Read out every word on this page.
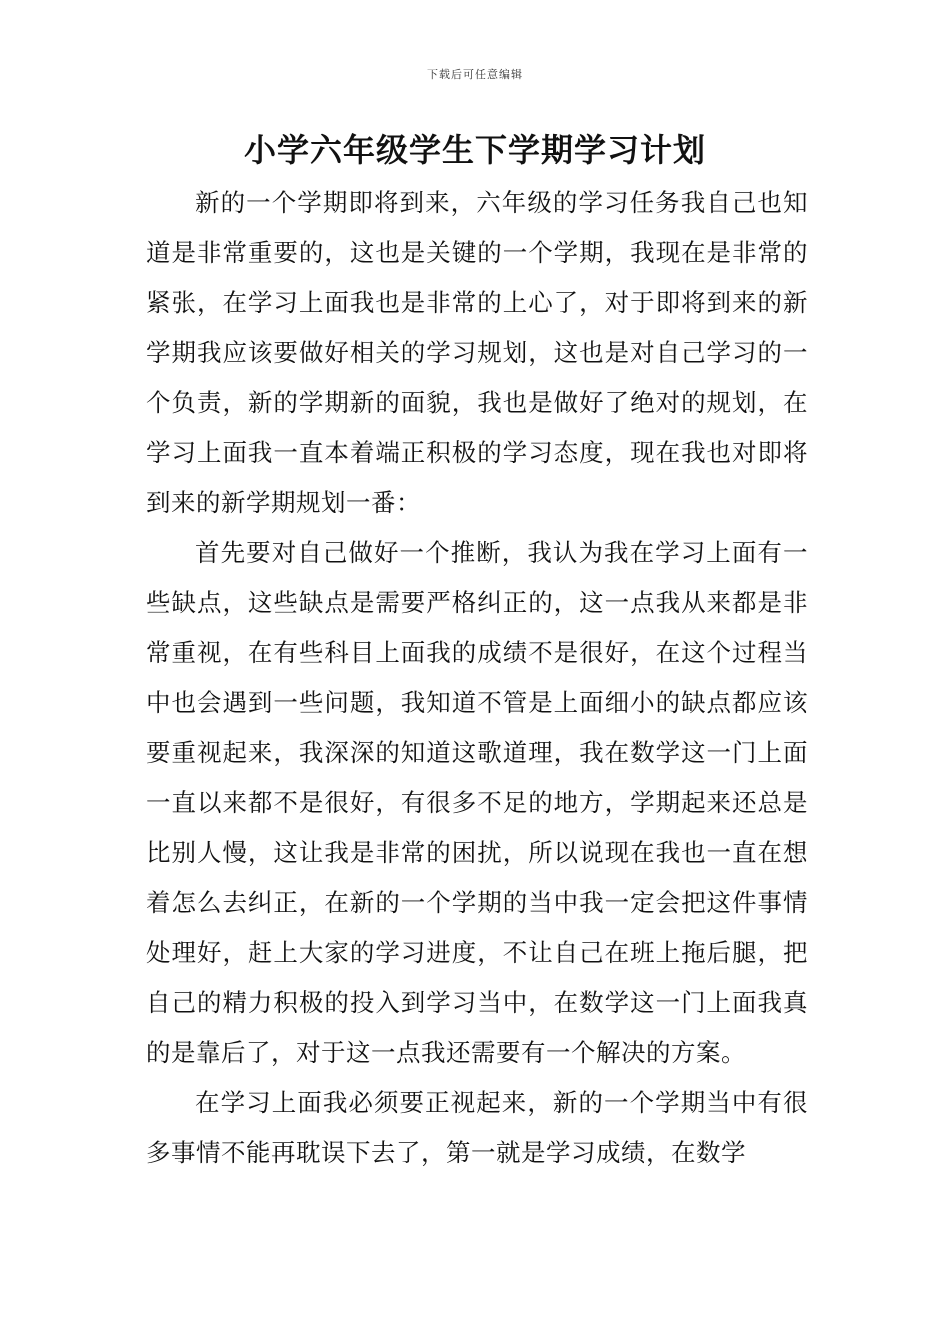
下载后可任意编辑
小学六年级学生下学期学习计划

新的一个学期即将到来，六年级的学习任务我自己也知道是非常重要的，这也是关键的一个学期，我现在是非常的紧张，在学习上面我也是非常的上心了，对于即将到来的新学期我应该要做好相关的学习规划，这也是对自己学习的一个负责，新的学期新的面貌，我也是做好了绝对的规划，在学习上面我一直本着端正积极的学习态度，现在我也对即将到来的新学期规划一番：

首先要对自己做好一个推断，我认为我在学习上面有一些缺点，这些缺点是需要严格纠正的，这一点我从来都是非常重视，在有些科目上面我的成绩不是很好，在这个过程当中也会遇到一些问题，我知道不管是上面细小的缺点都应该要重视起来，我深深的知道这歌道理，我在数学这一门上面一直以来都不是很好，有很多不足的地方，学期起来还总是比别人慢，这让我是非常的困扰，所以说现在我也一直在想着怎么去纠正，在新的一个学期的当中我一定会把这件事情处理好，赶上大家的学习进度，不让自己在班上拖后腿，把自己的精力积极的投入到学习当中，在数学这一门上面我真的是靠后了，对于这一点我还需要有一个解决的方案。

在学习上面我必须要正视起来，新的一个学期当中有很多事情不能再耽误下去了，第一就是学习成绩，在数学
